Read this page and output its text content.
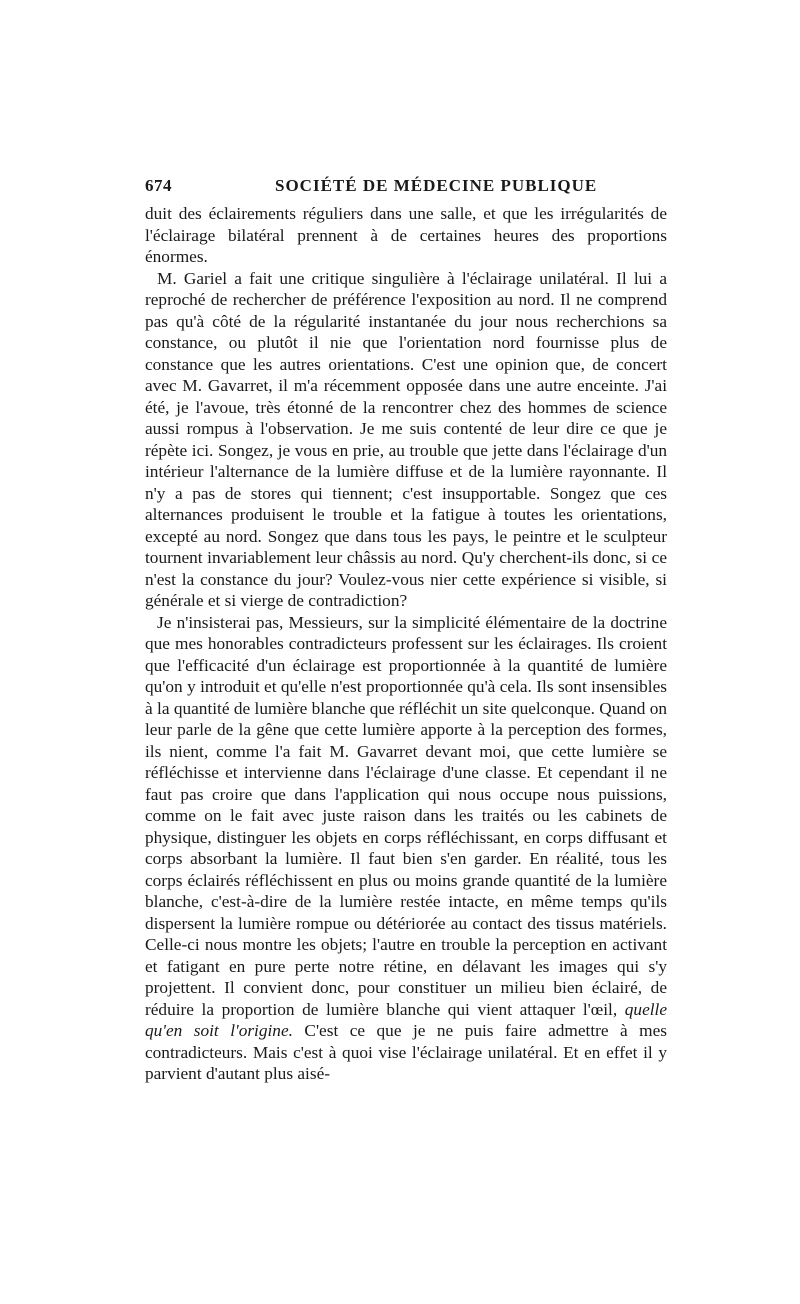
674	SOCIÉTÉ DE MÉDECINE PUBLIQUE

duit des éclairements réguliers dans une salle, et que les irrégularités de l'éclairage bilatéral prennent à de certaines heures des proportions énormes.

M. Gariel a fait une critique singulière à l'éclairage unilatéral. Il lui a reproché de rechercher de préférence l'exposition au nord. Il ne comprend pas qu'à côté de la régularité instantanée du jour nous recherchions sa constance, ou plutôt il nie que l'orientation nord fournisse plus de constance que les autres orientations. C'est une opinion que, de concert avec M. Gavarret, il m'a récemment opposée dans une autre enceinte. J'ai été, je l'avoue, très étonné de la rencontrer chez des hommes de science aussi rompus à l'observation. Je me suis contenté de leur dire ce que je répète ici. Songez, je vous en prie, au trouble que jette dans l'éclairage d'un intérieur l'alternance de la lumière diffuse et de la lumière rayonnante. Il n'y a pas de stores qui tiennent; c'est insupportable. Songez que ces alternances produisent le trouble et la fatigue à toutes les orientations, excepté au nord. Songez que dans tous les pays, le peintre et le sculpteur tournent invariablement leur châssis au nord. Qu'y cherchent-ils donc, si ce n'est la constance du jour? Voulez-vous nier cette expérience si visible, si générale et si vierge de contradiction?

Je n'insisterai pas, Messieurs, sur la simplicité élémentaire de la doctrine que mes honorables contradicteurs professent sur les éclairages. Ils croient que l'efficacité d'un éclairage est proportionnée à la quantité de lumière qu'on y introduit et qu'elle n'est proportionnée qu'à cela. Ils sont insensibles à la quantité de lumière blanche que réfléchit un site quelconque. Quand on leur parle de la gêne que cette lumière apporte à la perception des formes, ils nient, comme l'a fait M. Gavarret devant moi, que cette lumière se réfléchisse et intervienne dans l'éclairage d'une classe. Et cependant il ne faut pas croire que dans l'application qui nous occupe nous puissions, comme on le fait avec juste raison dans les traités ou les cabinets de physique, distinguer les objets en corps réfléchissant, en corps diffusant et corps absorbant la lumière. Il faut bien s'en garder. En réalité, tous les corps éclairés réfléchissent en plus ou moins grande quantité de la lumière blanche, c'est-à-dire de la lumière restée intacte, en même temps qu'ils dispersent la lumière rompue ou détériorée au contact des tissus matériels. Celle-ci nous montre les objets; l'autre en trouble la perception en activant et fatigant en pure perte notre rétine, en délavant les images qui s'y projettent. Il convient donc, pour constituer un milieu bien éclairé, de réduire la proportion de lumière blanche qui vient attaquer l'œil, quelle qu'en soit l'origine. C'est ce que je ne puis faire admettre à mes contradicteurs. Mais c'est à quoi vise l'éclairage unilatéral. Et en effet il y parvient d'autant plus aisé-
